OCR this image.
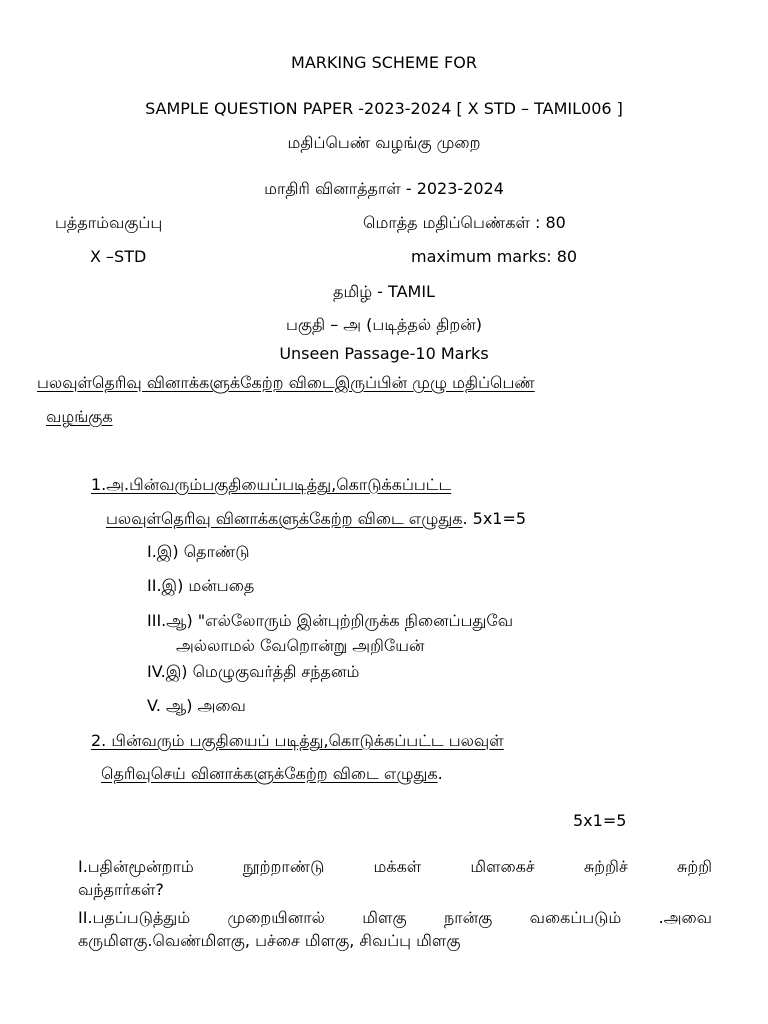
MARKING SCHEME FOR
SAMPLE QUESTION PAPER -2023-2024 [ X STD – TAMIL006 ]
மதிப்பெண் வழங்கு முறை
மாதிரி வினாத்தாள் - 2023-2024
பத்தாம்வகுப்பு	மொத்த மதிப்பெண்கள் : 80
X –STD	maximum marks: 80
தமிழ் - TAMIL
பகுதி – அ (படித்தல் திறன்)
Unseen Passage-10 Marks
பலவுள்தெரிவு வினாக்களுக்கேற்ற விடைஇருப்பின் முழு மதிப்பெண்
வழங்குக
1.அ.பின்வரும்பகுதியைப்படித்து,கொடுக்கப்பட்ட
பலவுள்தெரிவு வினாக்களுக்கேற்ற விடை எழுதுக. 5x1=5
I.இ) தொண்டு
II.இ) மன்பதை
III.ஆ) "எல்லோரும் இன்புற்றிருக்க நினைப்பதுவே
அல்லாமல் வேறொன்று அறியேன்
IV.இ) மெழுகுவர்த்தி சந்தனம்
V. ஆ) அவை
2. பின்வரும் பகுதியைப் படித்து,கொடுக்கப்பட்ட பலவுள்
தெரிவுசெய் வினாக்களுக்கேற்ற விடை எழுதுக.
5x1=5
I.பதின்மூன்றாம் நூற்றாண்டு மக்கள் மிளகைச் சுற்றிச் சுற்றி
வந்தார்கள்?
II.பதப்படுத்தும் முறையினால் மிளகு நான்கு வகைப்படும் .அவை
கருமிளகு.வெண்மிளகு, பச்சை மிளகு, சிவப்பு மிளகு
